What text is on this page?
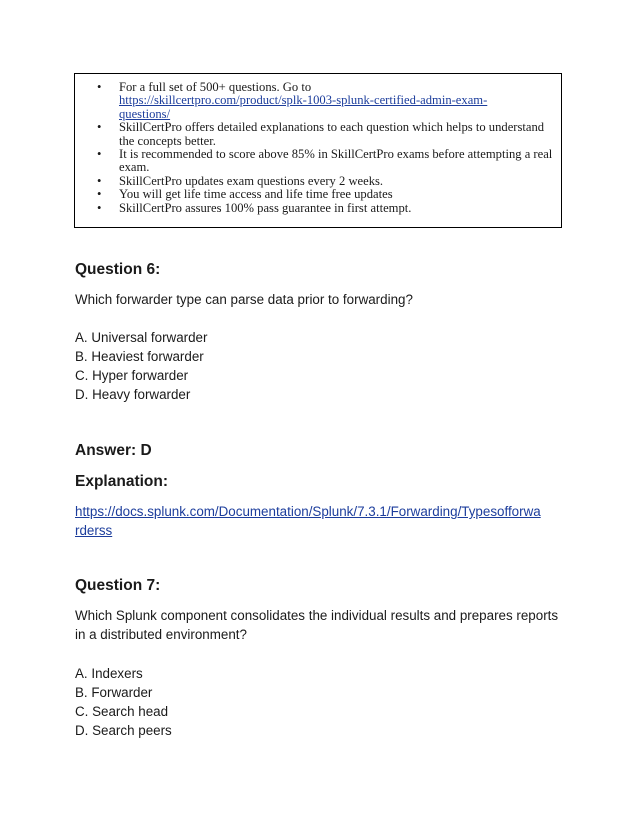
• For a full set of 500+ questions. Go to
https://skillcertpro.com/product/splk-1003-splunk-certified-admin-exam-
questions/
• SkillCertPro offers detailed explanations to each question which helps to understand the concepts better.
• It is recommended to score above 85% in SkillCertPro exams before attempting a real exam.
• SkillCertPro updates exam questions every 2 weeks.
• You will get life time access and life time free updates
• SkillCertPro assures 100% pass guarantee in first attempt.
Question 6:
Which forwarder type can parse data prior to forwarding?
A. Universal forwarder
B. Heaviest forwarder
C. Hyper forwarder
D. Heavy forwarder
Answer: D
Explanation:
https://docs.splunk.com/Documentation/Splunk/7.3.1/Forwarding/Typesofforwa
rderss
Question 7:
Which Splunk component consolidates the individual results and prepares reports
in a distributed environment?
A. Indexers
B. Forwarder
C. Search head
D. Search peers
